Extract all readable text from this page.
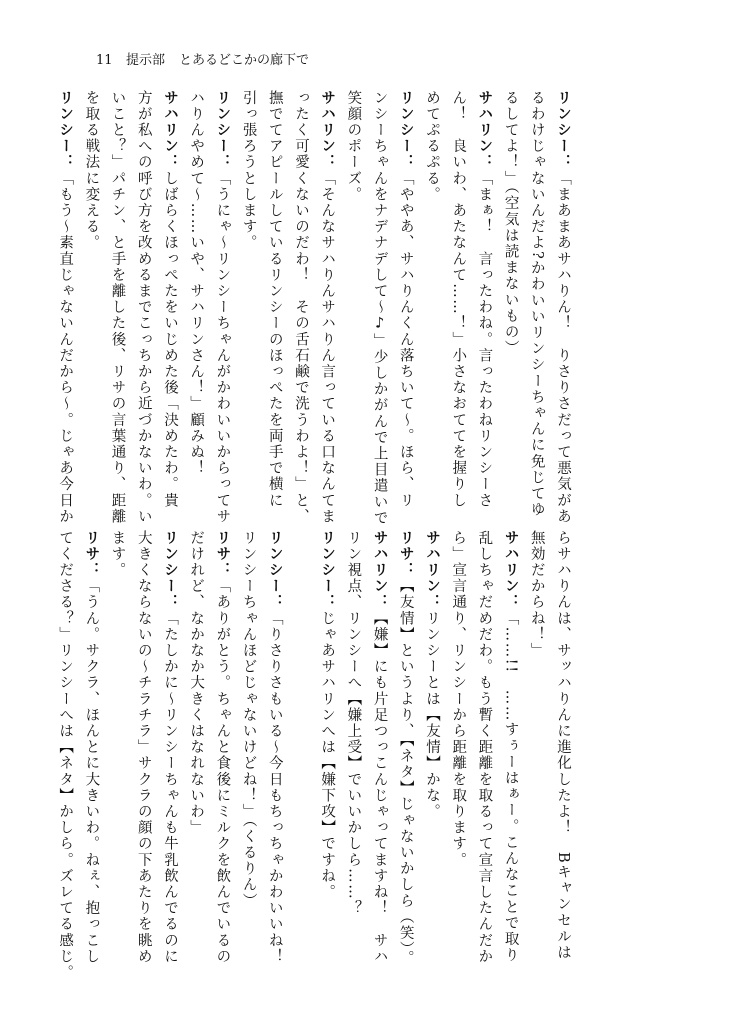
11 提示部 とあるどこかの廊下で
リンシー：「まあまあサハりん！　りさりさだって悪気があ
るわけじゃないんだよ?かわいいリンシーちゃんに免じてゆ
るしてよ！」（空気は読まないもの）
サハリン：「まぁ！　言ったわね。言ったわねリンシーさ
ん！　良いわ、あたなんて……！」小さなおててを握りし
めてぷるぷる。
リンシー：「ややあ、サハりんくん落ちいて〜。ほら、リ
ンシーちゃんをナデナデして〜♪」少しかがんで上目遣いで
笑顔のポーズ。
サハリン：「そんなサハりんサハりん言っている口なんてま
ったく可愛くないのだわ！　その舌石鹸で洗うわよ！」と、
撫でてアピールしているリンシーのほっぺたを両手で横に
引っ張ろうとします。
リンシー：「うにゃ〜リンシーちゃんがかわいいからってサ
ハりんやめて〜……いや、サハリンさん！」顧みぬ！
サハリン：しばらくほっぺたをいじめた後「決めたわ。貴
方が私への呼び方を改めるまでこっちから近づかないわ。い
いこと？」パチン、と手を離した後、リサの言葉通り、距離
を取る戦法に変える。
リンシー：「もう〜素直じゃないんだから〜。じゃあ今日か
らサハりんは、サッハりんに進化したよ！　Bキャンセルは
無効だからね！」
サハリン：「……!!　……すぅーはぁー。こんなことで取り
乱しちゃだめだわ。もう暫く距離を取るって宣言したんだか
ら」宣言通り、リンシーから距離を取ります。
サハリン：リンシーとは【友情】かな。
リサ：【友情】というより、【ネタ】じゃないかしら（笑）。
サハリン：【嫌】にも片足つっこんじゃってますね！　サハ
リン視点、リンシーへ【嫌上受】でいいかしら……？
リンシー：じゃあサハリンへは【嫌下攻】ですね。
リンシー：「りさりさもいる〜今日もちっちゃかわいいね！
リンシーちゃんほどじゃないけどね！」（くるりん）
リサ：「ありがとう。ちゃんと食後にミルクを飲んでいるの
だけれど、なかなか大きくはなれないわ」
リンシー：「たしかに〜リンシーちゃんも牛乳飲んでるのに
大きくならないの〜チラチラ」サクラの顔の下あたりを眺め
ます。
リサ：「うん。サクラ、ほんとに大きいわ。ねぇ、抱っこし
てくださる？」リンシーへは【ネタ】かしら。ズレてる感じ。
